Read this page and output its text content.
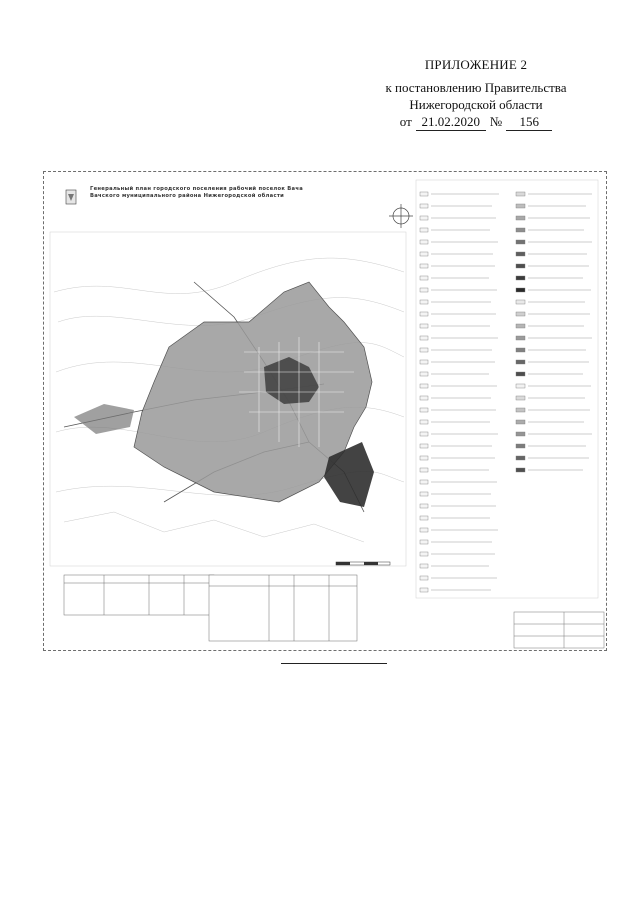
ПРИЛОЖЕНИЕ 2
к постановлению Правительства
Нижегородской области
от 21.02.2020 №	156
Генеральный план городского поселения рабочий поселок Вача
Вачского муниципального района Нижегородской области
